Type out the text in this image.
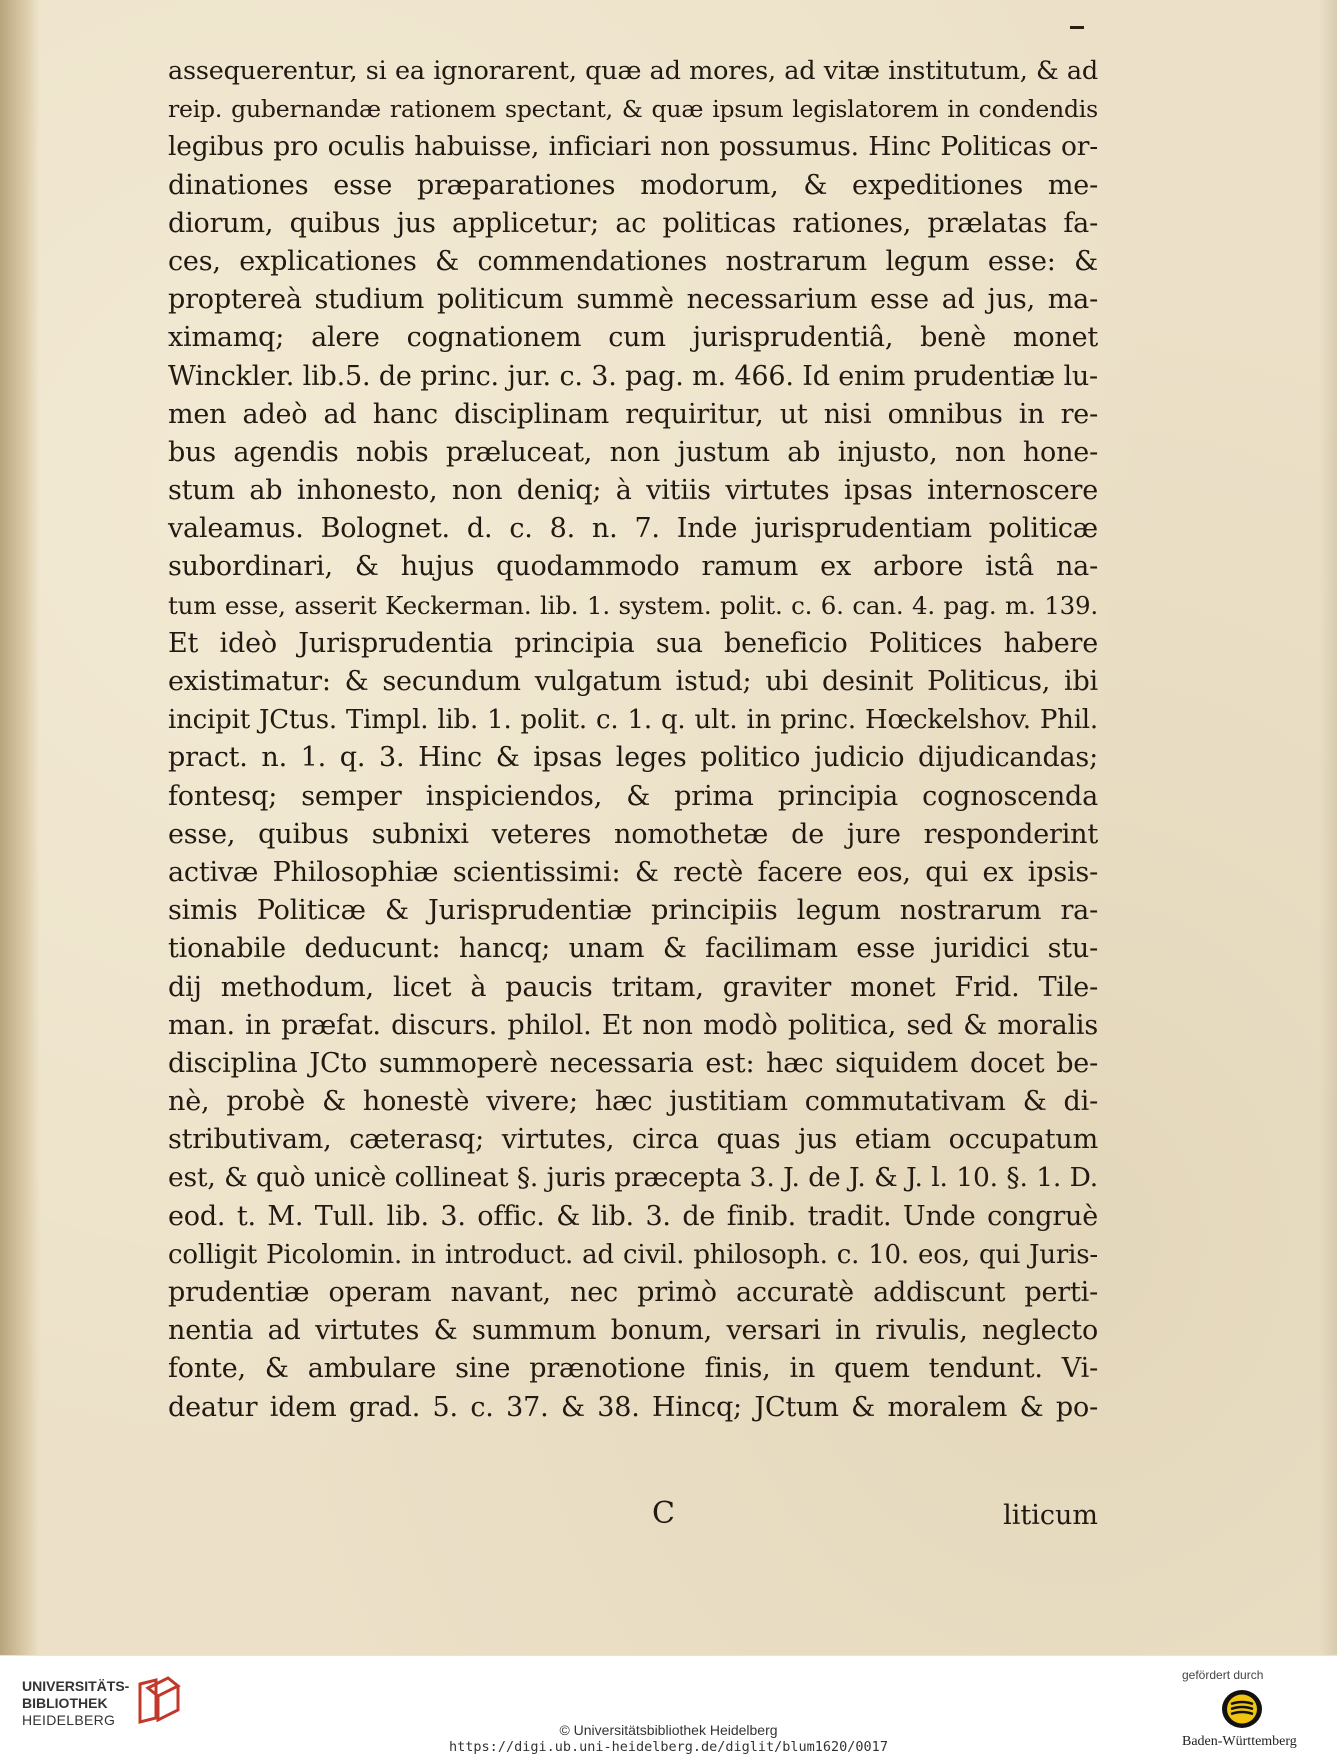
assequerentur, si ea ignorarent, quæ ad mores, ad vitæ institutum, & ad
reip. gubernandæ rationem spectant, & quæ ipsum legislatorem in condendis
legibus pro oculis habuisse, inficiari non possumus. Hinc Politicas or-
dinationes esse præparationes modorum, & expeditiones me-
diorum, quibus jus applicetur; ac politicas rationes, prælatas fa-
ces, explicationes & commendationes nostrarum legum esse: &
proptereà studium politicum summè necessarium esse ad jus, ma-
ximamq; alere cognationem cum jurisprudentiâ, benè monet
Winckler. lib.5. de princ. jur. c. 3. pag. m. 466. Id enim prudentiæ lu-
men adeò ad hanc disciplinam requiritur, ut nisi omnibus in re-
bus agendis nobis præluceat, non justum ab injusto, non hone-
stum ab inhonesto, non deniq; à vitiis virtutes ipsas internoscere
valeamus. Bolognet. d. c. 8. n. 7. Inde jurisprudentiam politicæ
subordinari, & hujus quodammodo ramum ex arbore istâ na-
tum esse, asserit Keckerman. lib. 1. system. polit. c. 6. can. 4. pag. m. 139.
Et ideò Jurisprudentia principia sua beneficio Politices habere
existimatur: & secundum vulgatum istud; ubi desinit Politicus, ibi
incipit JCtus. Timpl. lib. 1. polit. c. 1. q. ult. in princ. Hœckelshov. Phil.
pract. n. 1. q. 3. Hinc & ipsas leges politico judicio dijudicandas;
fontesq; semper inspiciendos, & prima principia cognoscenda
esse, quibus subnixi veteres nomothetæ de jure responderint
activæ Philosophiæ scientissimi: & rectè facere eos, qui ex ipsis-
simis Politicæ & Jurisprudentiæ principiis legum nostrarum ra-
tionabile deducunt: hancq; unam & facilimam esse juridici stu-
dij methodum, licet à paucis tritam, graviter monet Frid. Tile-
man. in præfat. discurs. philol. Et non modò politica, sed & moralis
disciplina JCto summoperè necessaria est: hæc siquidem docet be-
nè, probè & honestè vivere; hæc justitiam commutativam & di-
stributivam, cæterasq; virtutes, circa quas jus etiam occupatum
est, & quò unicè collineat §. juris præcepta 3. J. de J. & J. l. 10. §. 1. D.
eod. t. M. Tull. lib. 3. offic. & lib. 3. de finib. tradit. Unde congruè
colligit Picolomin. in introduct. ad civil. philosoph. c. 10. eos, qui Juris-
prudentiæ operam navant, nec primò accuratè addiscunt perti-
nentia ad virtutes & summum bonum, versari in rivulis, neglecto
fonte, & ambulare sine prænotione finis, in quem tendunt. Vi-
deatur idem grad. 5. c. 37. & 38. Hincq; JCtum & moralem & po-
C	liticum
UNIVERSITÄTS-
BIBLIOTHEK
HEIDELBERG
© Universitätsbibliothek Heidelberg
https://digi.ub.uni-heidelberg.de/diglit/blum1620/0017
gefördert durch
Baden-Württemberg
